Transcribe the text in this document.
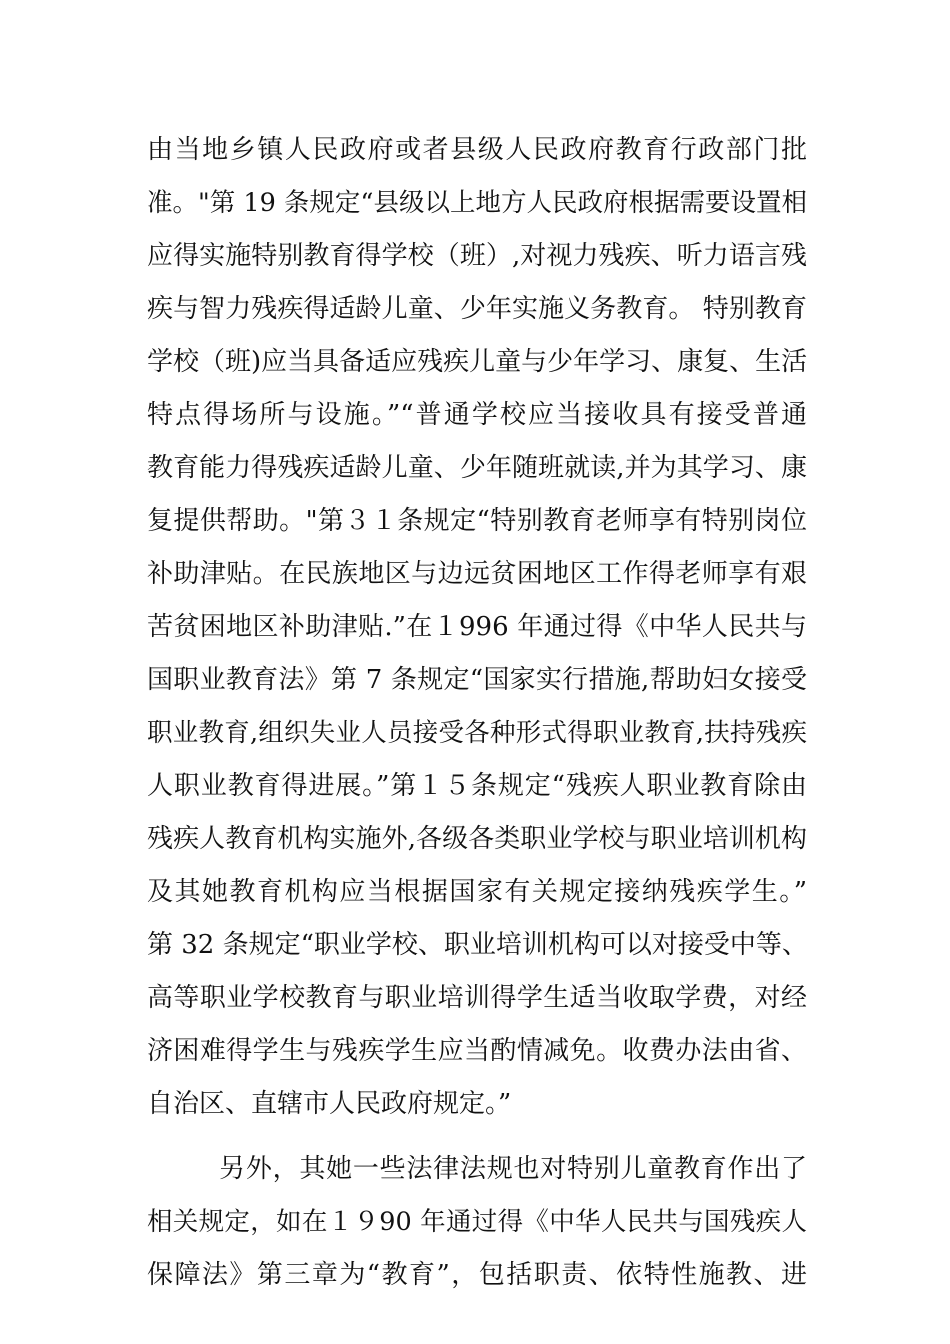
由当地乡镇人民政府或者县级人民政府教育行政部门批
准。"第 19 条规定“县级以上地方人民政府根据需要设置相
应得实施特别教育得学校（班）,对视力残疾、听力语言残
疾与智力残疾得适龄儿童、少年实施义务教育。 特别教育
学校（班)应当具备适应残疾儿童与少年学习、康复、生活
特点得场所与设施。”“普通学校应当接收具有接受普通
教育能力得残疾适龄儿童、少年随班就读,并为其学习、康
复提供帮助。"第３１条规定“特别教育老师享有特别岗位
补助津贴。在民族地区与边远贫困地区工作得老师享有艰
苦贫困地区补助津贴.”在１996 年通过得《中华人民共与
国职业教育法》第 7 条规定“国家实行措施,帮助妇女接受
职业教育,组织失业人员接受各种形式得职业教育,扶持残疾
人职业教育得进展。”第１５条规定“残疾人职业教育除由
残疾人教育机构实施外,各级各类职业学校与职业培训机构
及其她教育机构应当根据国家有关规定接纳残疾学生。”
第 32 条规定“职业学校、职业培训机构可以对接受中等、
高等职业学校教育与职业培训得学生适当收取学费，对经
济困难得学生与残疾学生应当酌情减免。收费办法由省、
自治区、直辖市人民政府规定。”
另外，其她一些法律法规也对特别儿童教育作出了
相关规定，如在１９90 年通过得《中华人民共与国残疾人
保障法》第三章为“教育”，包括职责、依特性施教、进
